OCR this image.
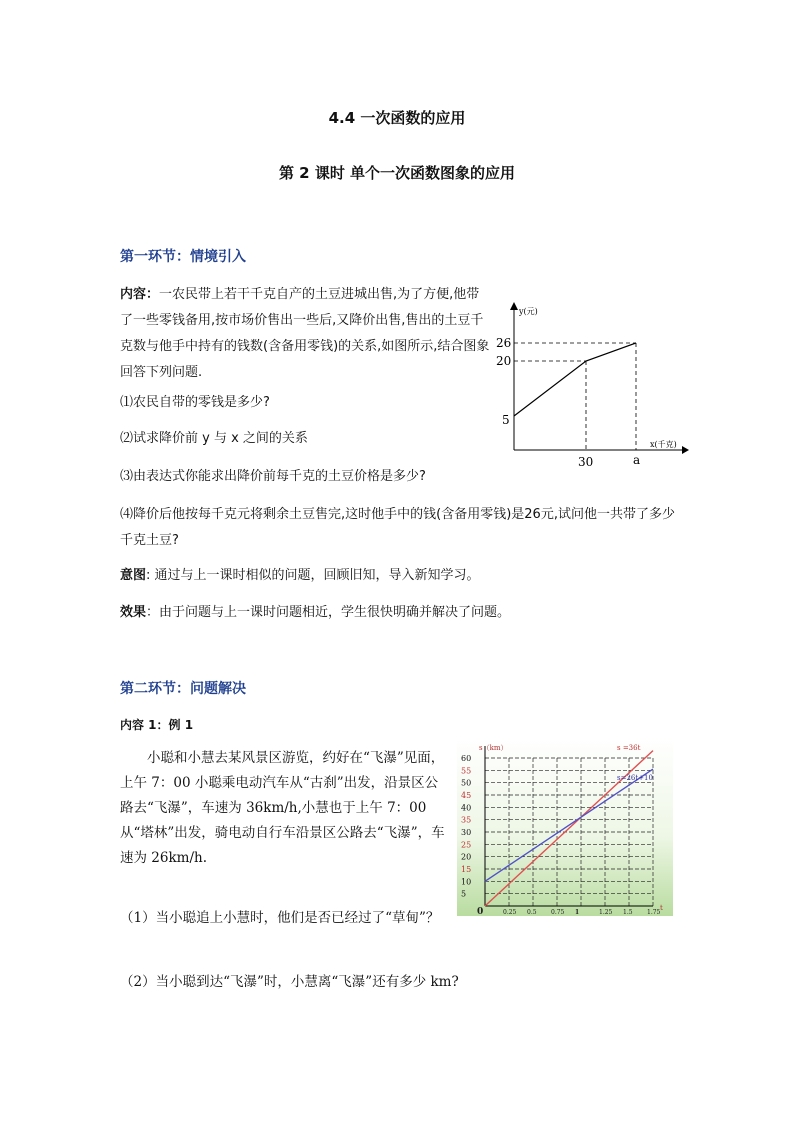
4.4 一次函数的应用
第 2 课时 单个一次函数图象的应用
第一环节：情境引入
内容：一农民带上若干千克自产的土豆进城出售,为了方便,他带了一些零钱备用,按市场价售出一些后,又降价出售,售出的土豆千克数与他手中持有的钱数(含备用零钱)的关系,如图所示,结合图象回答下列问题.
⑴农民自带的零钱是多少?
⑵试求降价前 y 与 x 之间的关系
⑶由表达式你能求出降价前每千克的土豆价格是多少?
⑷降价后他按每千克元将剩余土豆售完,这时他手中的钱(含备用零钱)是26元,试问他一共带了多少千克土豆?
意图: 通过与上一课时相似的问题，回顾旧知，导入新知学习。
效果：由于问题与上一课时问题相近，学生很快明确并解决了问题。
y(元)
x(千克)
26
20
5
30	a
第二环节：问题解决
内容 1：例 1
小聪和小慧去某风景区游览，约好在“飞瀑”见面，上午 7：00 小聪乘电动汽车从“古刹”出发，沿景区公路去“飞瀑”，车速为 36km/h,小慧也于上午 7：00 从“塔林”出发，骑电动自行车沿景区公路去“飞瀑”，车速为 26km/h.
（1）当小聪追上小慧时，他们是否已经过了“草甸”？
（2）当小聪到达“飞瀑”时，小慧离“飞瀑”还有多少 km?
5
10
15
20
25
30
35
40
45
50
55
60
0	0.25 0.5 0.75 1	1.25 1.5 1.75
s（km）	s =36t
s=26t+10
t
